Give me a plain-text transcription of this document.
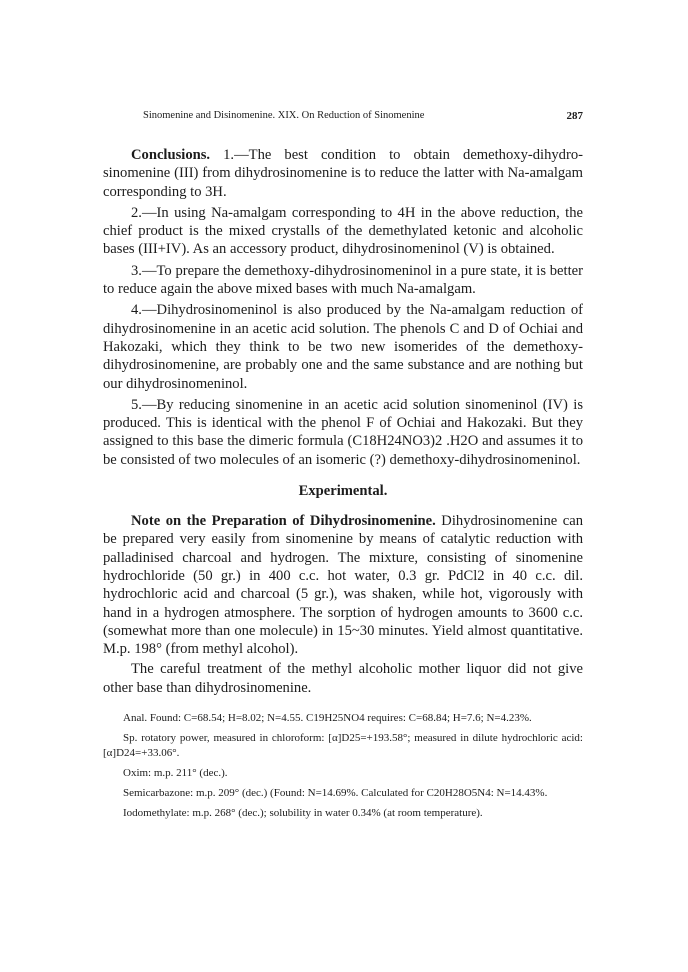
Sinomenine and Disinomenine. XIX. On Reduction of Sinomenine	287

Conclusions. 1.—The best condition to obtain demethoxy-dihydro-sinomenine (III) from dihydrosinomenine is to reduce the latter with Na-amalgam corresponding to 3H.

2.—In using Na-amalgam corresponding to 4H in the above reduction, the chief product is the mixed crystalls of the demethylated ketonic and alcoholic bases (III+IV). As an accessory product, dihydrosinomeninol (V) is obtained.

3.—To prepare the demethoxy-dihydrosinomeninol in a pure state, it is better to reduce again the above mixed bases with much Na-amalgam.

4.—Dihydrosinomeninol is also produced by the Na-amalgam reduction of dihydrosinomenine in an acetic acid solution. The phenols C and D of Ochiai and Hakozaki, which they think to be two new isomerides of the demethoxy-dihydrosinomenine, are probably one and the same substance and are nothing but our dihydrosinomeninol.

5.—By reducing sinomenine in an acetic acid solution sinomeninol (IV) is produced. This is identical with the phenol F of Ochiai and Hakozaki. But they assigned to this base the dimeric formula (C18H24NO3)2 .H2O and assumes it to be consisted of two molecules of an isomeric (?) demethoxy-dihydrosinomeninol.

Experimental.

Note on the Preparation of Dihydrosinomenine. Dihydrosinomenine can be prepared very easily from sinomenine by means of catalytic reduction with palladinised charcoal and hydrogen. The mixture, consisting of sinomenine hydrochloride (50 gr.) in 400 c.c. hot water, 0.3 gr. PdCl2 in 40 c.c. dil. hydrochloric acid and charcoal (5 gr.), was shaken, while hot, vigorously with hand in a hydrogen atmosphere. The sorption of hydrogen amounts to 3600 c.c. (somewhat more than one molecule) in 15~30 minutes. Yield almost quantitative. M.p. 198° (from methyl alcohol).

The careful treatment of the methyl alcoholic mother liquor did not give other base than dihydrosinomenine.

Anal. Found: C=68.54; H=8.02; N=4.55. C19H25NO4 requires: C=68.84; H=7.6; N=4.23%.

Sp. rotatory power, measured in chloroform: [α]D25=+193.58°; measured in dilute hydrochloric acid: [α]D24=+33.06°.

Oxim: m.p. 211° (dec.).

Semicarbazone: m.p. 209° (dec.) (Found: N=14.69%. Calculated for C20H28O5N4: N=14.43%.

Iodomethylate: m.p. 268° (dec.); solubility in water 0.34% (at room temperature).
